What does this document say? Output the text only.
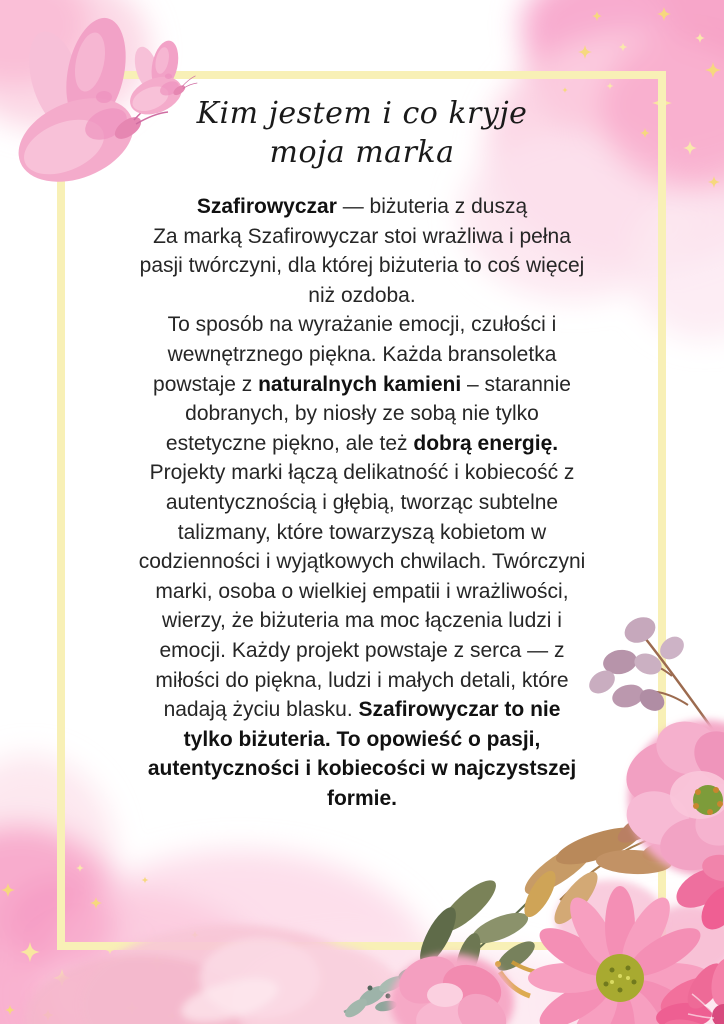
Kim jestem i co kryje
moja marka
Szafirowyczar — biżuteria z duszą
Za marką Szafirowyczar stoi wrażliwa i pełna
pasji twórczyni, dla której biżuteria to coś więcej
niż ozdoba.
To sposób na wyrażanie emocji, czułości i
wewnętrznego piękna. Każda bransoletka
powstaje z naturalnych kamieni – starannie
dobranych, by niosły ze sobą nie tylko
estetyczne piękno, ale też dobrą energię.
Projekty marki łączą delikatność i kobiecość z
autentycznością i głębią, tworząc subtelne
talizmany, które towarzyszą kobietom w
codzienności i wyjątkowych chwilach. Twórczyni
marki, osoba o wielkiej empatii i wrażliwości,
wierzy, że biżuteria ma moc łączenia ludzi i
emocji. Każdy projekt powstaje z serca — z
miłości do piękna, ludzi i małych detali, które
nadają życiu blasku. Szafirowyczar to nie
tylko biżuteria. To opowieść o pasji,
autentyczności i kobiecości w najczystszej
formie.
